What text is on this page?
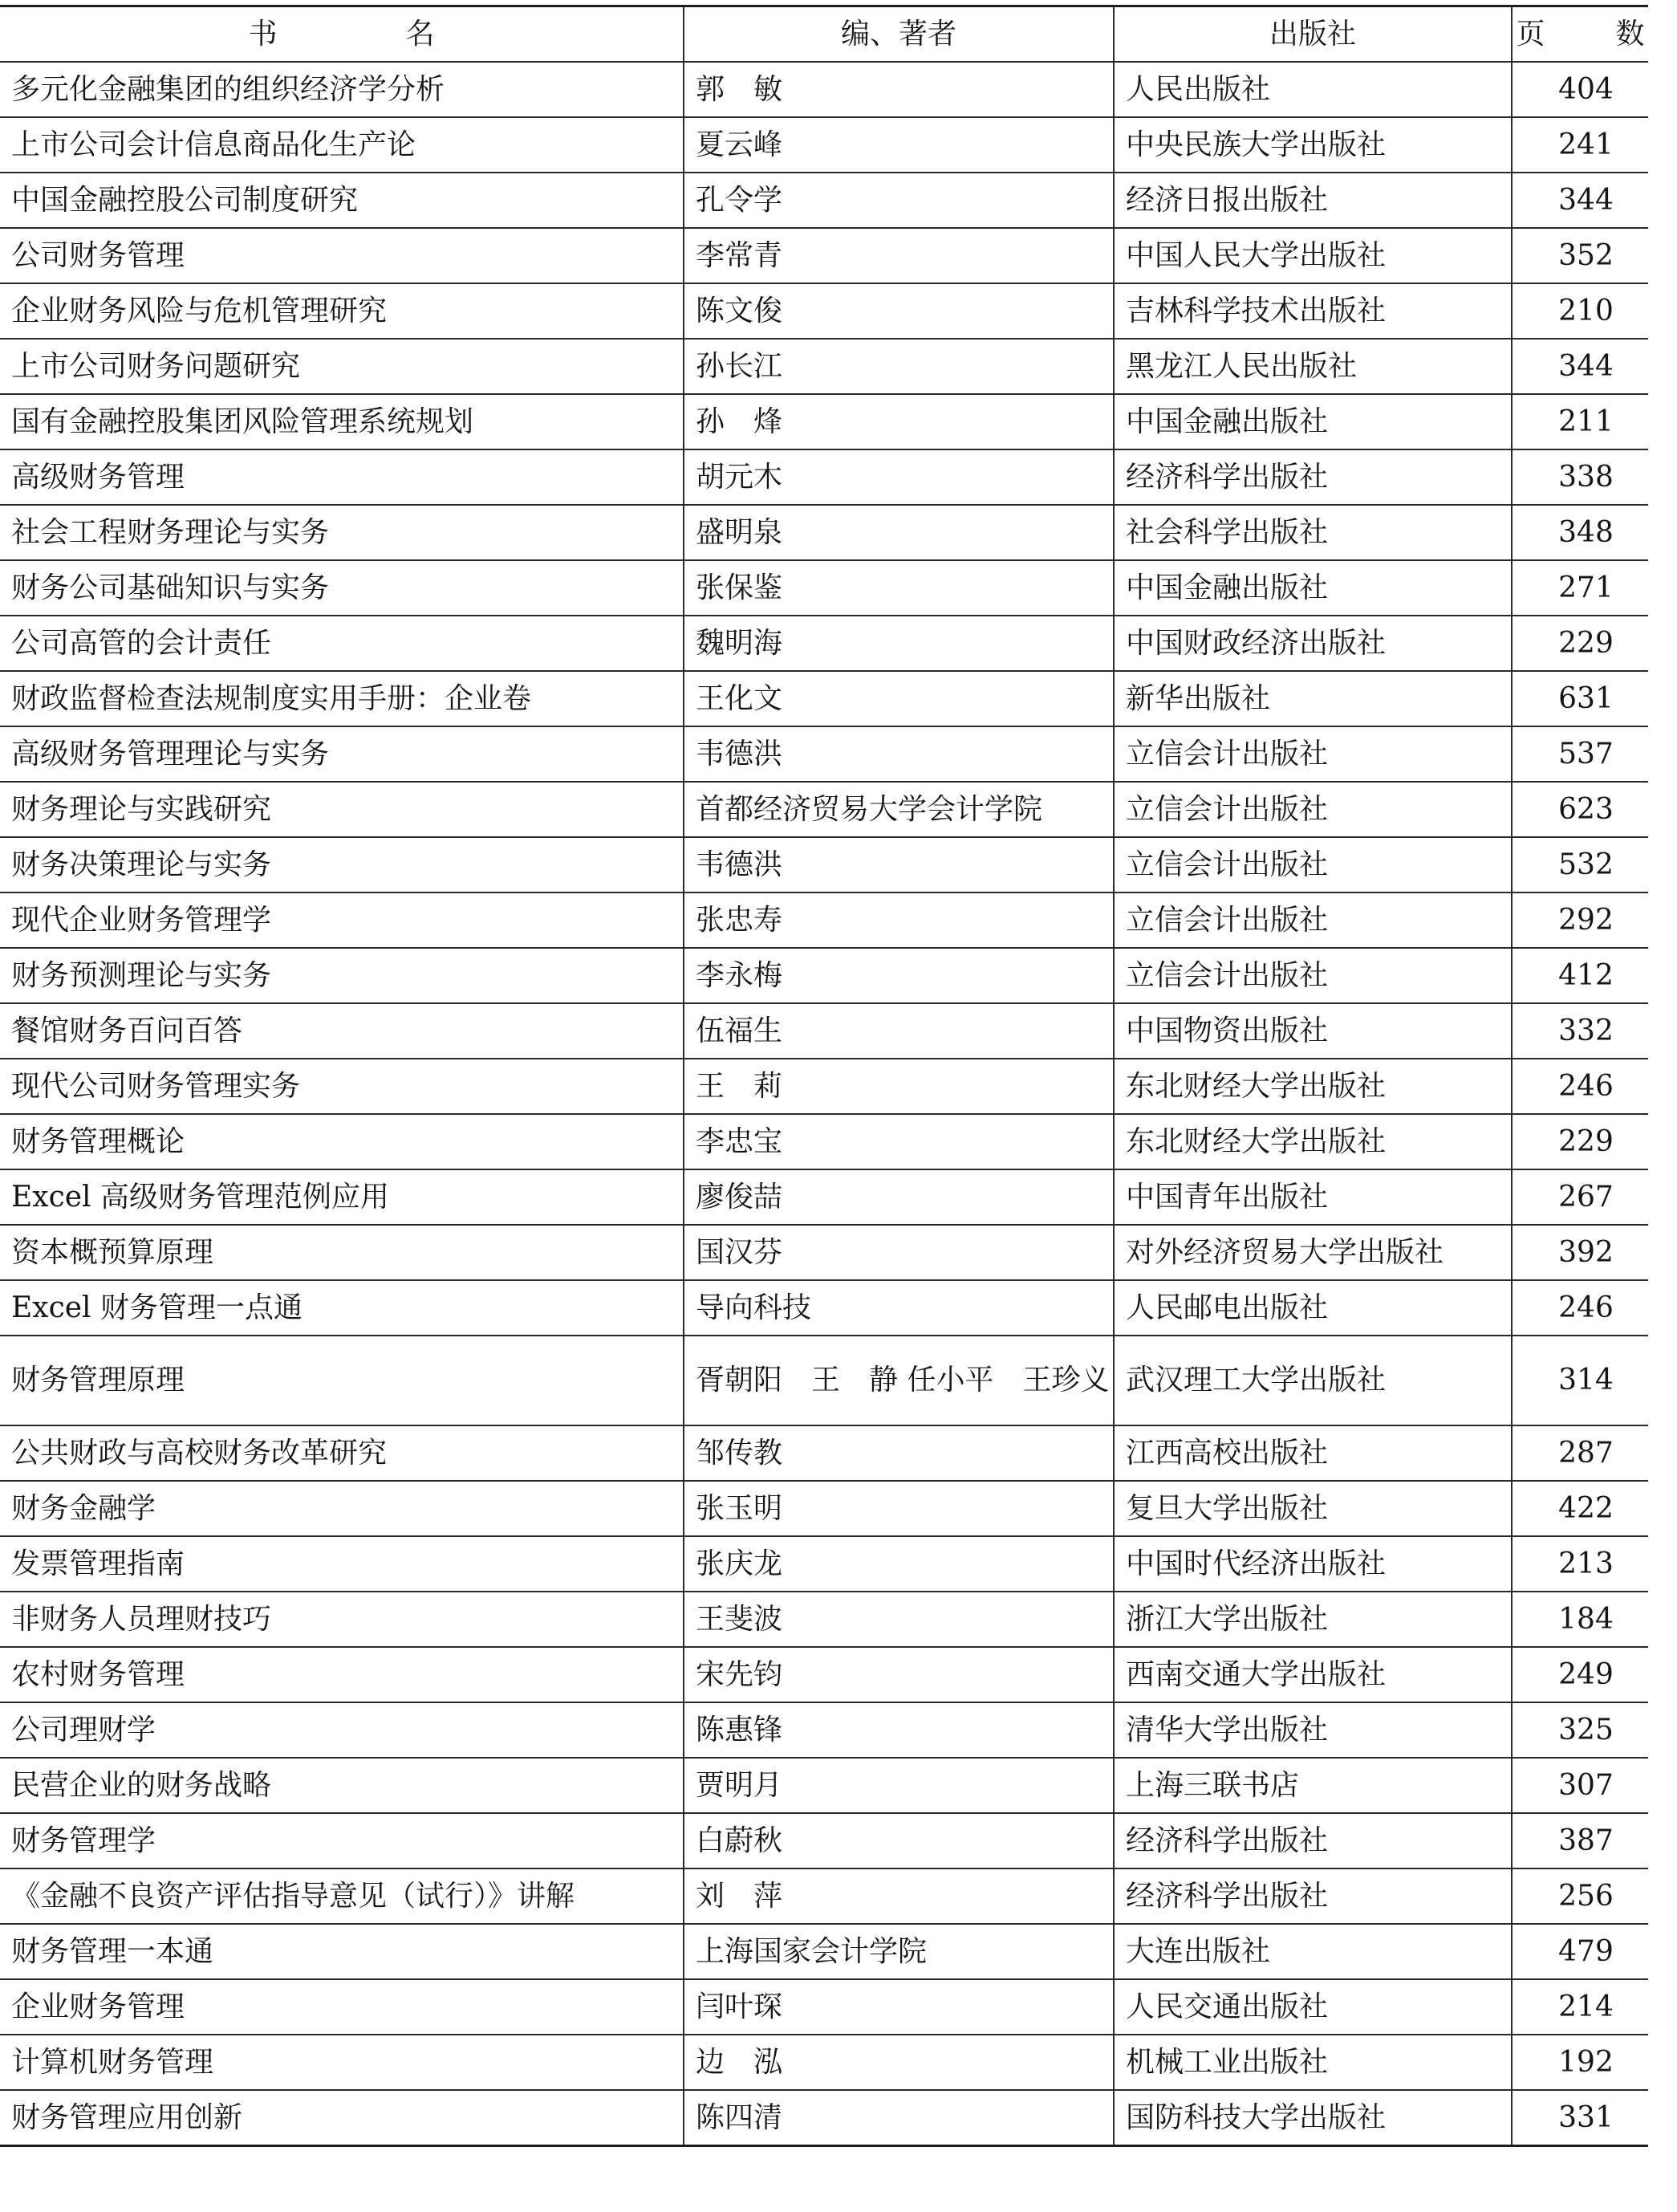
书　名	编、著者	出版社	页　数
多元化金融集团的组织经济学分析	郭　敏	人民出版社	404
上市公司会计信息商品化生产论	夏云峰	中央民族大学出版社	241
中国金融控股公司制度研究	孔令学	经济日报出版社	344
公司财务管理	李常青	中国人民大学出版社	352
企业财务风险与危机管理研究	陈文俊	吉林科学技术出版社	210
上市公司财务问题研究	孙长江	黑龙江人民出版社	344
国有金融控股集团风险管理系统规划	孙　烽	中国金融出版社	211
高级财务管理	胡元木	经济科学出版社	338
社会工程财务理论与实务	盛明泉	社会科学出版社	348
财务公司基础知识与实务	张保鉴	中国金融出版社	271
公司高管的会计责任	魏明海	中国财政经济出版社	229
财政监督检查法规制度实用手册：企业卷	王化文	新华出版社	631
高级财务管理理论与实务	韦德洪	立信会计出版社	537
财务理论与实践研究	首都经济贸易大学会计学院	立信会计出版社	623
财务决策理论与实务	韦德洪	立信会计出版社	532
现代企业财务管理学	张忠寿	立信会计出版社	292
财务预测理论与实务	李永梅	立信会计出版社	412
餐馆财务百问百答	伍福生	中国物资出版社	332
现代公司财务管理实务	王　莉	东北财经大学出版社	246
财务管理概论	李忠宝	东北财经大学出版社	229
Excel 高级财务管理范例应用	廖俊喆	中国青年出版社	267
资本概预算原理	国汉芬	对外经济贸易大学出版社	392
Excel 财务管理一点通	导向科技	人民邮电出版社	246
财务管理原理	胥朝阳　王　静 任小平　王珍义	武汉理工大学出版社	314
公共财政与高校财务改革研究	邹传教	江西高校出版社	287
财务金融学	张玉明	复旦大学出版社	422
发票管理指南	张庆龙	中国时代经济出版社	213
非财务人员理财技巧	王斐波	浙江大学出版社	184
农村财务管理	宋先钧	西南交通大学出版社	249
公司理财学	陈惠锋	清华大学出版社	325
民营企业的财务战略	贾明月	上海三联书店	307
财务管理学	白蔚秋	经济科学出版社	387
《金融不良资产评估指导意见（试行）》讲解	刘　萍	经济科学出版社	256
财务管理一本通	上海国家会计学院	大连出版社	479
企业财务管理	闫叶琛	人民交通出版社	214
计算机财务管理	边　泓	机械工业出版社	192
财务管理应用创新	陈四清	国防科技大学出版社	331
